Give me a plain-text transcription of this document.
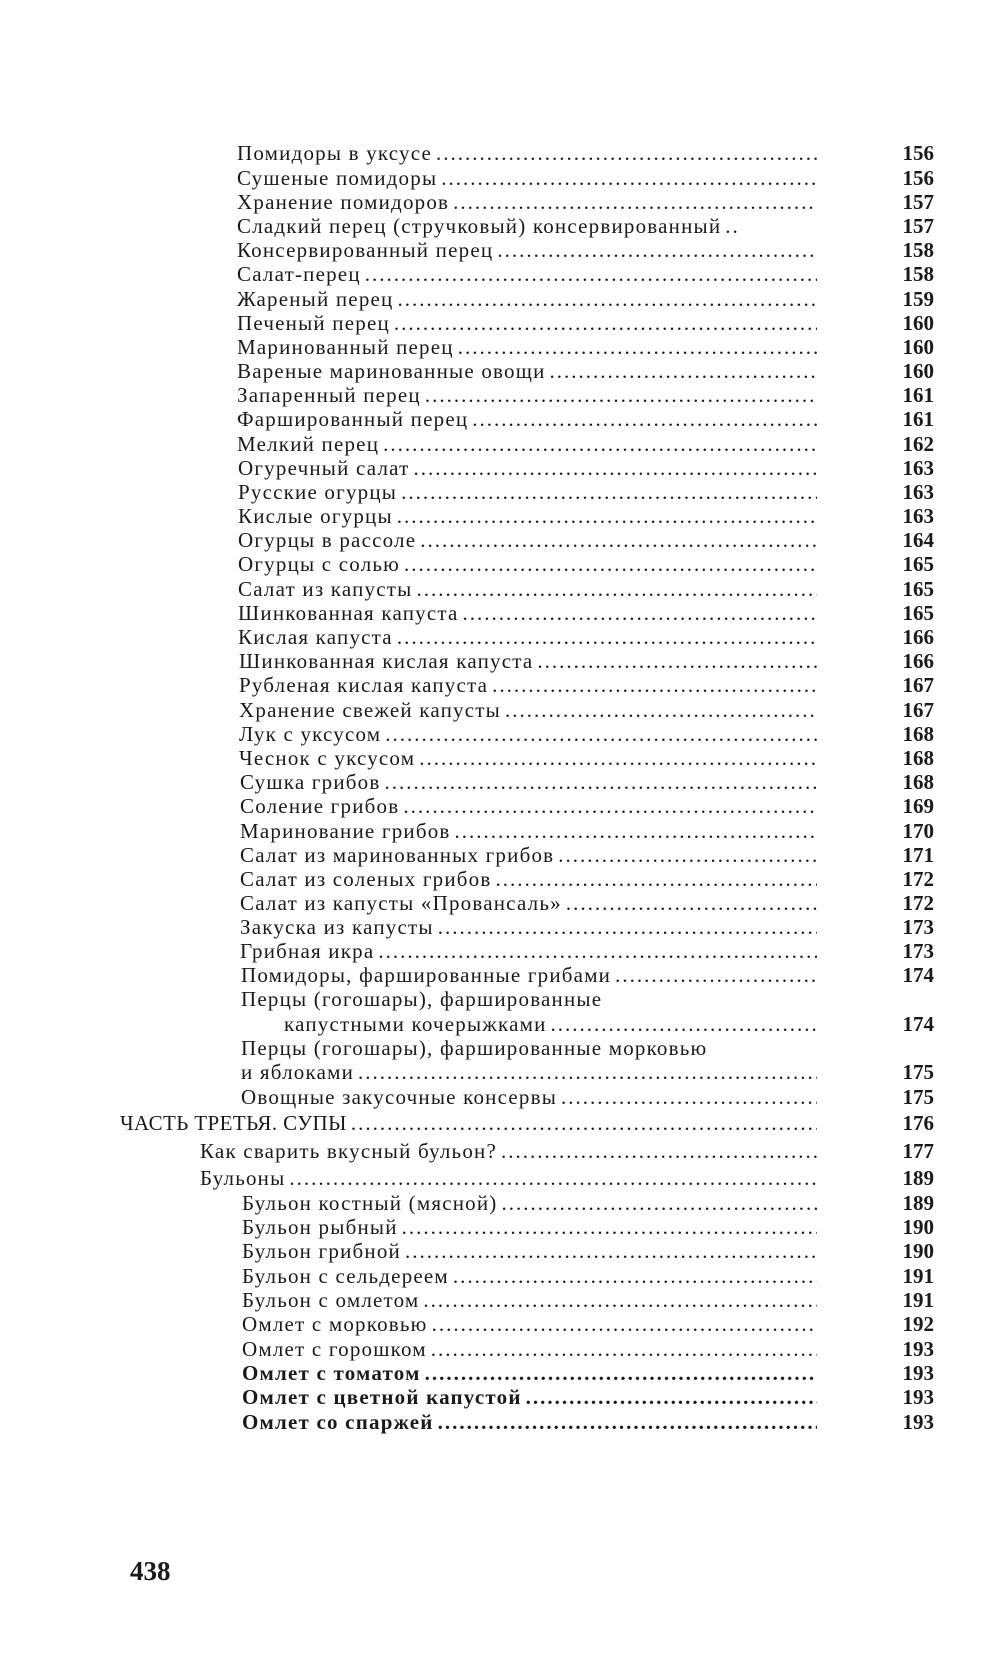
Помидоры в уксусе .....	156
Сушеные помидоры .....	156
Хранение помидоров .....	157
Сладкий перец (стручковый) консервированный .....	157
Консервированный перец .....	158
Салат-перец .....	158
Жареный перец .....	159
Печеный перец .....	160
Маринованный перец .....	160
Вареные маринованные овощи .....	160
Запаренный перец .....	161
Фаршированный перец .....	161
Мелкий перец .....	162
Огуречный салат .....	163
Русские огурцы .....	163
Кислые огурцы .....	163
Огурцы в рассоле .....	164
Огурцы с солью .....	165
Салат из капусты .....	165
Шинкованная капуста .....	165
Кислая капуста .....	166
Шинкованная кислая капуста .....	166
Рубленая кислая капуста .....	167
Хранение свежей капусты .....	167
Лук с уксусом .....	168
Чеснок с уксусом .....	168
Сушка грибов .....	168
Соление грибов .....	169
Маринование грибов .....	170
Салат из маринованных грибов .....	171
Салат из соленых грибов .....	172
Салат из капусты «Провансаль» .....	172
Закуска из капусты .....	173
Грибная икра .....	173
Помидоры, фаршированные грибами .....	174
Перцы (гогошары), фаршированные
капустными кочерыжками .....	174
Перцы (гогошары), фаршированные морковью
и яблоками .....	175
Овощные закусочные консервы .....	175
ЧАСТЬ ТРЕТЬЯ. СУПЫ .....	176
Как сварить вкусный бульон? .....	177
Бульоны .....	189
Бульон костный (мясной) .....	189
Бульон рыбный .....	190
Бульон грибной .....	190
Бульон с сельдереем .....	191
Бульон с омлетом .....	191
Омлет с морковью .....	192
Омлет с горошком .....	193
Омлет с томатом .....	193
Омлет с цветной капустой .....	193
Омлет со спаржей .....	193
438
